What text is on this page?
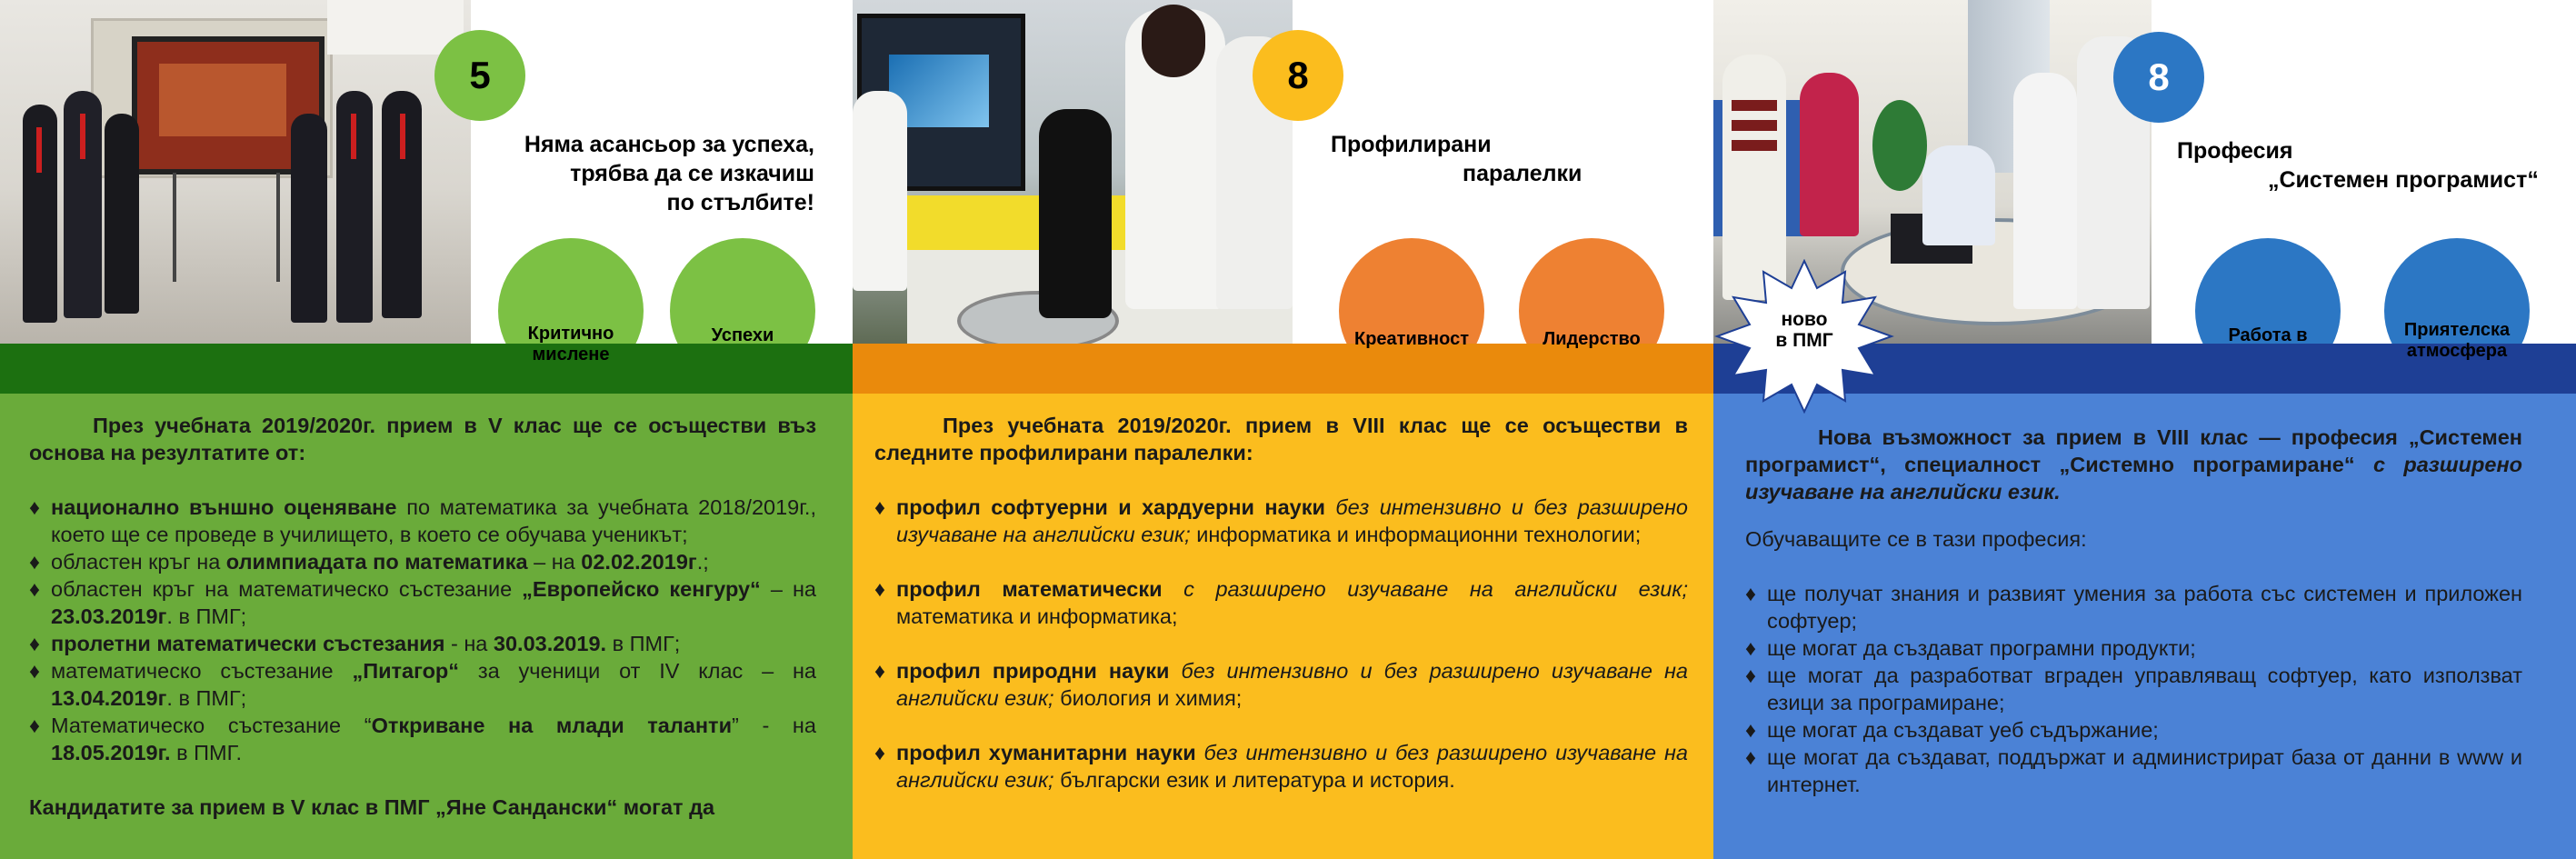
5
Няма асансьор за успеха,
трябва да се изкачиш
по стълбите!
Критично
мислене
Успехи

През учебната 2019/2020г. прием в V клас ще се осъществи въз основа на резултатите от:

♦ национално външно оценяване по математика за учебната 2018/2019г., което ще се проведе в училището, в което се обучава ученикът;
♦ областен кръг на олимпиадата по математика – на 02.02.2019г.;
♦ областен кръг на математическо състезание „Европейско кенгуру“ – на 23.03.2019г. в ПМГ;
♦ пролетни математически състезания - на 30.03.2019. в ПМГ;
♦ математическо състезание „Питагор“ за ученици от IV клас – на 13.04.2019г. в ПМГ;
♦ Математическо състезание “Откриване на млади таланти” - на 18.05.2019г. в ПМГ.

Кандидатите за прием в V клас в ПМГ „Яне Сандански“ могат да

8
Профилирани
паралелки
Креативност	Лидерство

През учебната 2019/2020г. прием в VIII клас ще се осъществи в следните профилирани паралелки:

♦ профил софтуерни и хардуерни науки без интензивно и без разширено изучаване на английски език; информатика и информационни технологии;
♦ профил математически с разширено изучаване на английски език; математика и информатика;
♦ профил природни науки без интензивно и без разширено изучаване на английски език; биология и химия;
♦ профил хуманитарни науки без интензивно и без разширено изучаване на английски език; български език и литература и история.
8
Професия
„Системен програмист“
Работа в	Приятелска
атмосфера

Нова възможност за прием в VIII клас — професия „Системен програмист“, специалност „Системно програмиране“ с разширено изучаване на английски език.

Обучаващите се в тази професия:

♦ ще получат знания и развият умения за работа със системен и приложен софтуер;
♦ ще могат да създават програмни продукти;
♦ ще могат да разработват вграден управляващ софтуер, като използват езици за програмиране;
♦ ще могат да създават уеб съдържание;
♦ ще могат да създават, поддържат и администрират база от данни в www и интернет.
ново
в ПМГ
